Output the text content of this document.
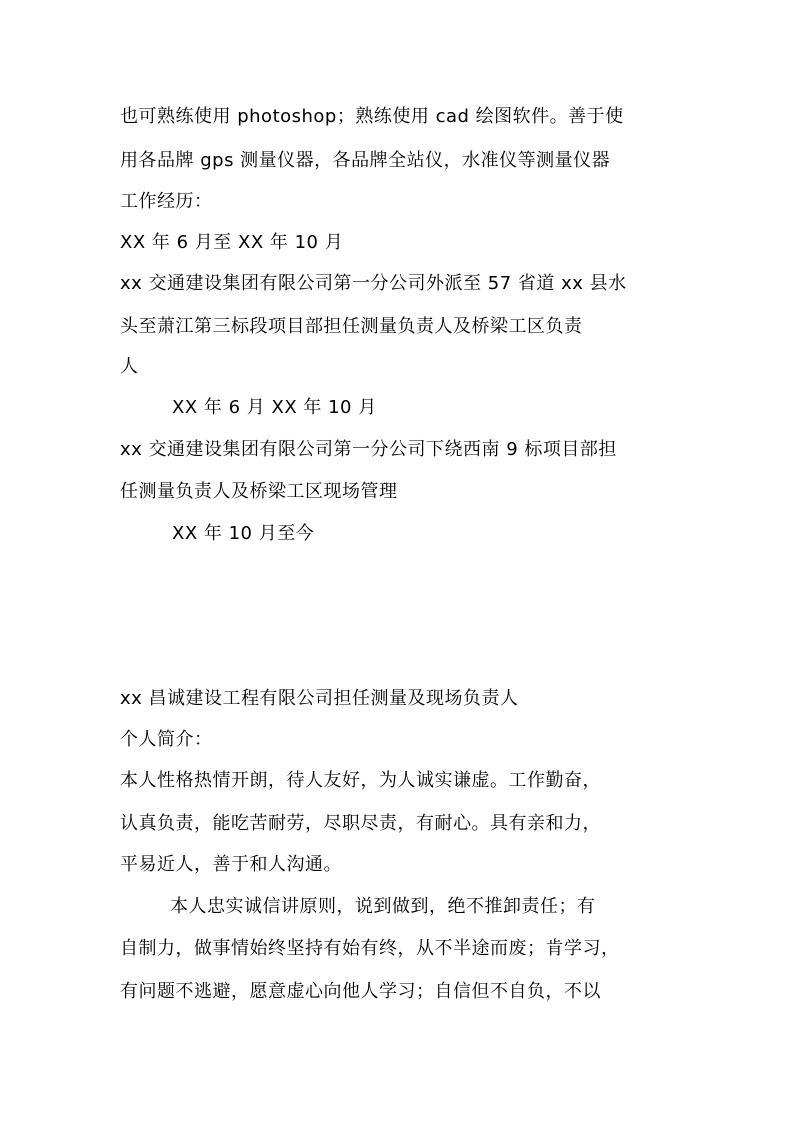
也可熟练使用 photoshop；熟练使用 cad 绘图软件。善于使
用各品牌 gps 测量仪器，各品牌全站仪，水准仪等测量仪器
工作经历：
XX 年 6 月至 XX 年 10 月
xx 交通建设集团有限公司第一分公司外派至 57 省道 xx 县水
头至萧江第三标段项目部担任测量负责人及桥梁工区负责
人
XX 年 6 月 XX 年 10 月
xx 交通建设集团有限公司第一分公司下绕西南 9 标项目部担
任测量负责人及桥梁工区现场管理
XX 年 10 月至今
xx 昌诚建设工程有限公司担任测量及现场负责人
个人简介：
本人性格热情开朗，待人友好，为人诚实谦虚。工作勤奋，
认真负责，能吃苦耐劳，尽职尽责，有耐心。具有亲和力，
平易近人，善于和人沟通。
本人忠实诚信讲原则，说到做到，绝不推卸责任；有
自制力，做事情始终坚持有始有终，从不半途而废；肯学习，
有问题不逃避，愿意虚心向他人学习；自信但不自负，不以
